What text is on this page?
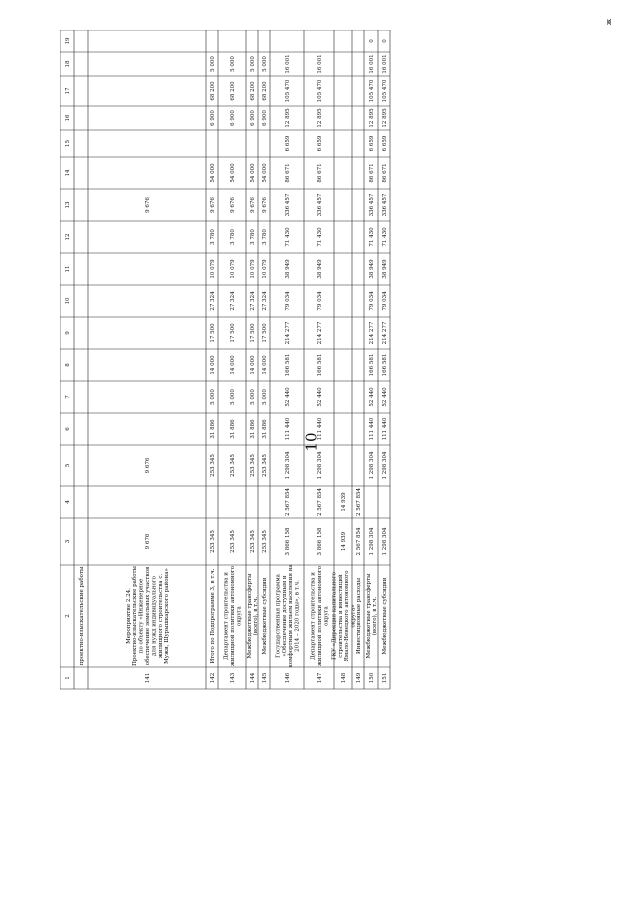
10
ж
1
2
3
4
5
6
7
8
9
10
11
12
13
14
15
16
17
18
19
проектно-изыскательские работы
141
Мероприятие 2.24.Проектно-изыскательские работыпо объекту «Инженерноеобеспечение земельных участковдля нужд индивидуальногожилищного строительства с.Мужи, Шурышкарского района»
9 676
9 676
9 676
142
Итого по Подпрограмме 3, в т.ч.
253 345
253 345
31 886
5 000
14 000
17 500
27 324
10 079
3 780
9 676
54 000
6 900
68 200
5 000
143
Департамент строительства ижилищной политики автономногоокруга
253 345
253 345
31 886
5 000
14 000
17 500
27 324
10 079
3 780
9 676
54 000
6 900
68 200
5 000
144
Межбюджетные трансферты(всего), в т.ч.
253 345
253 345
31 886
5 000
14 000
17 500
27 324
10 079
3 780
9 676
54 000
6 900
68 200
5 000
145
Межбюджетные субсидии
253 345
253 345
31 886
5 000
14 000
17 500
27 324
10 079
3 780
9 676
54 000
6 900
68 200
5 000
146
Государственная программа«Обеспечение доступным икомфортным жильем населения на2014 – 2020 годы», в т.ч.
3 866 158
2 567 854
1 298 304
111 440
52 440
166 581
214 277
79 034
38 949
71 430
336 457
86 671
6 659
12 895
105 470
16 001
147
Департамент строительства ижилищной политики автономногоокруга
3 866 158
2 567 854
1 298 304
111 440
52 440
166 581
214 277
79 034
38 949
71 430
336 457
86 671
6 659
12 895
105 470
16 001
148
ГКУ «Дирекция капитальногостроительства и инвестицийЯмало-Ненецкого автономногоокруга»
14 939
14 939
149
Инвестиционные расходы
2 567 854
2 567 854
150
Межбюджетные трансферты(всего), в т.ч.
1 298 304
1 298 304
111 440
52 440
166 581
214 277
79 034
38 949
71 430
336 457
86 671
6 659
12 895
105 470
16 001
0
151
Межбюджетные субсидии
1 298 304
1 298 304
111 440
52 440
166 581
214 277
79 034
38 949
71 430
336 457
86 671
6 659
12 895
105 470
16 001
0
